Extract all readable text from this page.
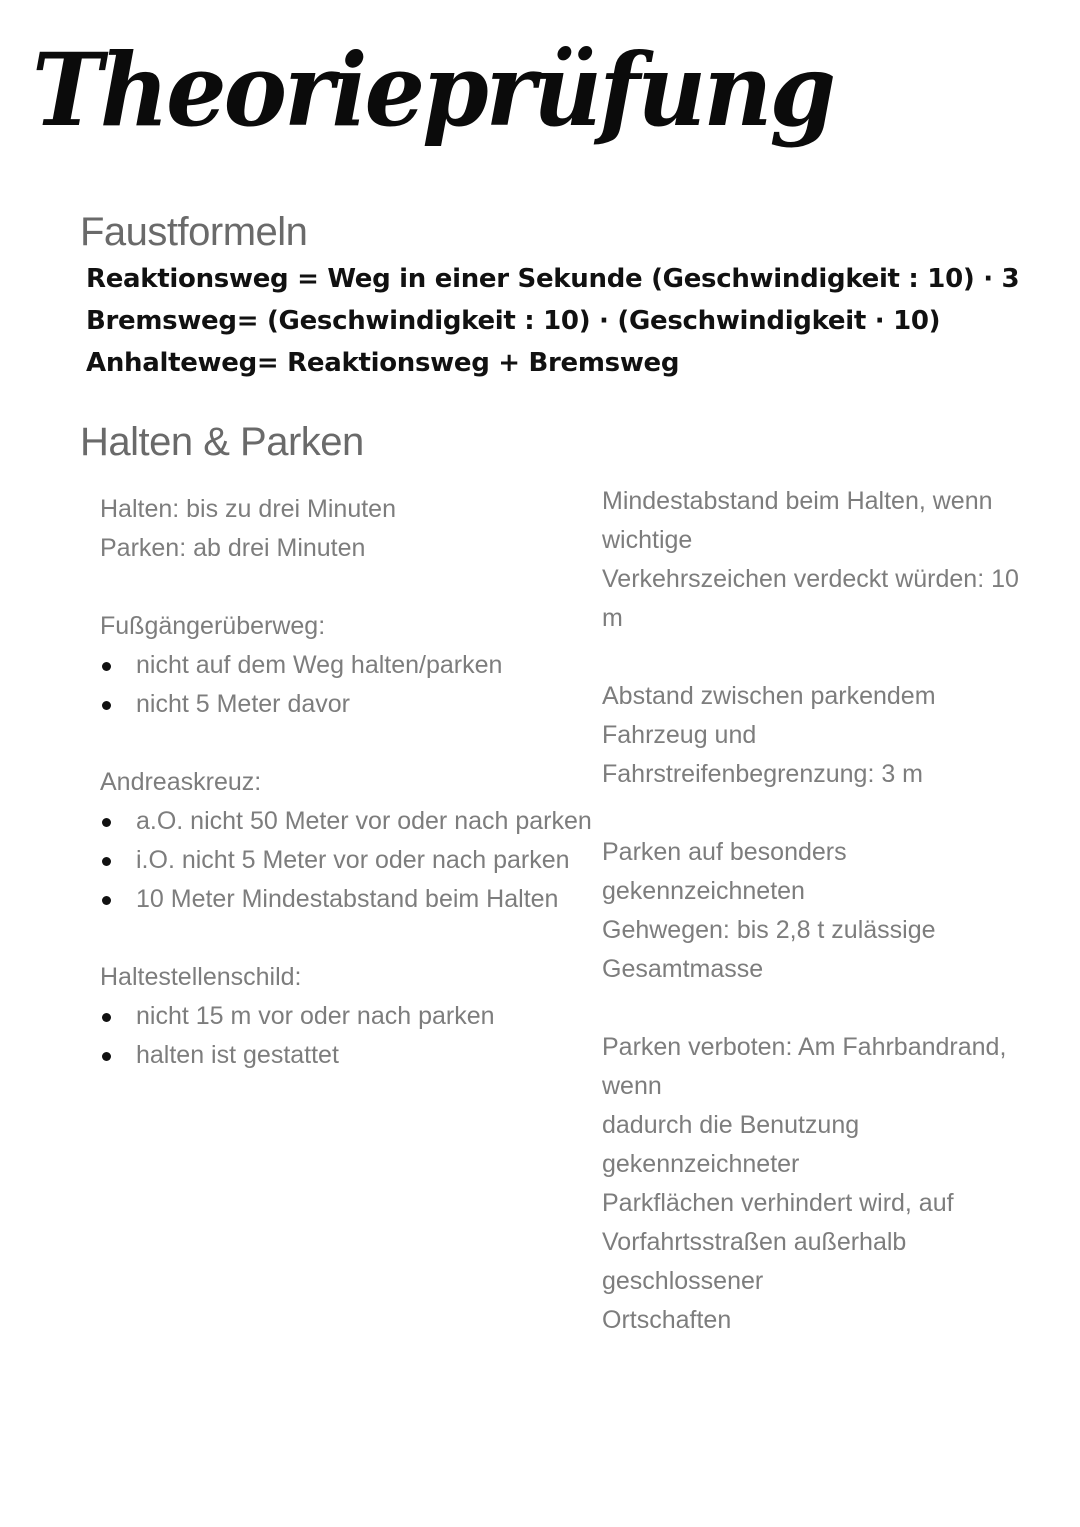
Theorieprüfung
Faustformeln
Reaktionsweg = Weg in einer Sekunde (Geschwindigkeit : 10) · 3
Bremsweg= (Geschwindigkeit : 10) · (Geschwindigkeit · 10)
Anhalteweg= Reaktionsweg + Bremsweg
Halten & Parken
Halten: bis zu drei Minuten
Parken: ab drei Minuten
Fußgängerüberweg:
nicht auf dem Weg halten/parken
nicht 5 Meter davor
Andreaskreuz:
a.O. nicht 50 Meter vor oder nach parken
i.O. nicht 5 Meter vor oder nach parken
10 Meter Mindestabstand beim Halten
Haltestellenschild:
nicht 15 m vor oder nach parken
halten ist gestattet
Mindestabstand beim Halten, wenn wichtige
Verkehrszeichen verdeckt würden: 10 m
Abstand zwischen parkendem Fahrzeug und
Fahrstreifenbegrenzung: 3 m
Parken auf besonders gekennzeichneten
Gehwegen: bis 2,8 t zulässige Gesamtmasse
Parken verboten: Am Fahrbandrand, wenn
dadurch die Benutzung gekennzeichneter
Parkflächen verhindert wird, auf
Vorfahrtsstraßen außerhalb geschlossener
Ortschaften
